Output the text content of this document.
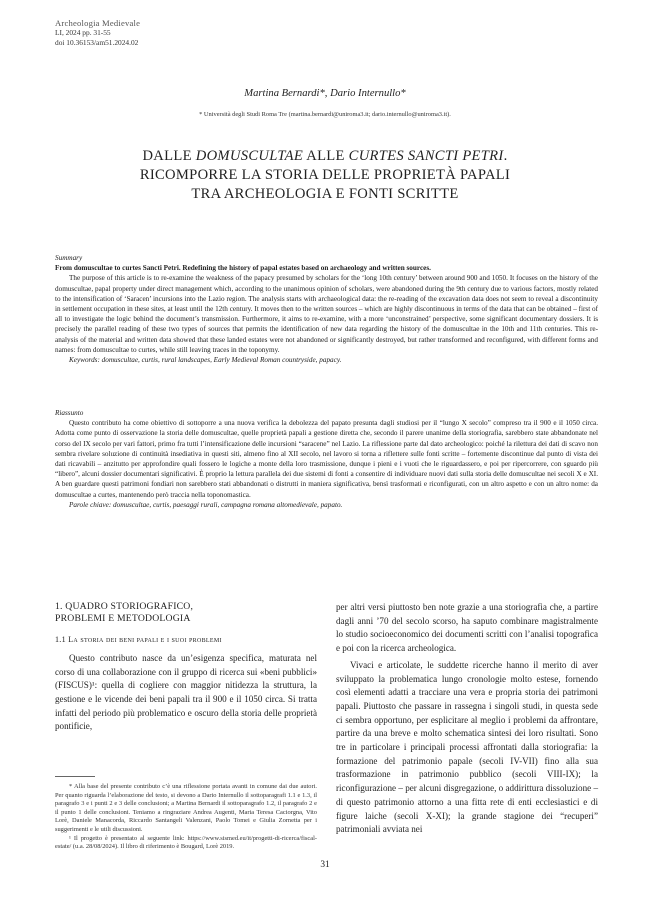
Archeologia Medievale
LI, 2024 pp. 31-55
doi 10.36153/am51.2024.02
Martina Bernardi*, Dario Internullo*
* Università degli Studi Roma Tre (martina.bernardi@uniroma3.it; dario.internullo@uniroma3.it).
DALLE DOMUSCULTAE ALLE CURTES SANCTI PETRI.
RICOMPORRE LA STORIA DELLE PROPRIETÀ PAPALI
TRA ARCHEOLOGIA E FONTI SCRITTE
Summary
From domuscultae to curtes Sancti Petri. Redefining the history of papal estates based on archaeology and written sources.
The purpose of this article is to re-examine the weakness of the papacy presumed by scholars for the ‘long 10th century’ between around 900 and 1050. It focuses on the history of the domuscultae, papal property under direct management which, according to the unanimous opinion of scholars, were abandoned during the 9th century due to various factors, mostly related to the intensification of ‘Saracen’ incursions into the Lazio region. The analysis starts with archaeological data: the re-reading of the excavation data does not seem to reveal a discontinuity in settlement occupation in these sites, at least until the 12th century. It moves then to the written sources – which are highly discontinuous in terms of the data that can be obtained – first of all to investigate the logic behind the document’s transmission. Furthermore, it aims to re-examine, with a more ‘unconstrained’ perspective, some significant documentary dossiers. It is precisely the parallel reading of these two types of sources that permits the identification of new data regarding the history of the domuscultae in the 10th and 11th centuries. This re-analysis of the material and written data showed that these landed estates were not abandoned or significantly destroyed, but rather transformed and reconfigured, with different forms and names: from domuscultae to curtes, while still leaving traces in the toponymy.
Keywords: domuscultae, curtis, rural landscapes, Early Medieval Roman countryside, papacy.
Riassunto
Questo contributo ha come obiettivo di sottoporre a una nuova verifica la debolezza del papato presunta dagli studiosi per il “lungo X secolo” compreso tra il 900 e il 1050 circa. Adotta come punto di osservazione la storia delle domuscultae, quelle proprietà papali a gestione diretta che, secondo il parere unanime della storiografia, sarebbero state abbandonate nel corso del IX secolo per vari fattori, primo fra tutti l’intensificazione delle incursioni “saracene” nel Lazio. La riflessione parte dal dato archeologico: poiché la rilettura dei dati di scavo non sembra rivelare soluzione di continuità insediativa in questi siti, almeno fino al XII secolo, nel lavoro si torna a riflettere sulle fonti scritte – fortemente discontinue dal punto di vista dei dati ricavabili – anzitutto per approfondire quali fossero le logiche a monte della loro trasmissione, dunque i pieni e i vuoti che le riguardassero, e poi per ripercorrere, con sguardo più “libero”, alcuni dossier documentari significativi. È proprio la lettura parallela dei due sistemi di fonti a consentire di individuare nuovi dati sulla storia delle domuscultae nei secoli X e XI. A ben guardare questi patrimoni fondiari non sarebbero stati abbandonati o distrutti in maniera significativa, bensì trasformati e riconfigurati, con un altro aspetto e con un altro nome: da domuscultae a curtes, mantenendo però traccia nella toponomastica.
Parole chiave: domuscultae, curtis, paesaggi rurali, campagna romana altomedievale, papato.
1. QUADRO STORIOGRAFICO,
PROBLEMI E METODOLOGIA
1.1 La storia dei beni papali e i suoi problemi

Questo contributo nasce da un’esigenza specifica, maturata nel corso di una collaborazione con il gruppo di ricerca sui «beni pubblici» (FISCUS)¹: quella di cogliere con maggior nitidezza la struttura, la gestione e le vicende dei beni papali tra il 900 e il 1050 circa. Si tratta infatti del periodo più problematico e oscuro della storia delle proprietà pontificie,

* Alla base del presente contributo c’è una riflessione portata avanti in comune dai due autori. Per quanto riguarda l’elaborazione del testo, si devono a Dario Internullo il sottoparagrafi 1.1 e 1.3, il paragrafo 3 e i punti 2 e 3 delle conclusioni; a Martina Bernardi il sottoparagrafo 1.2, il paragrafo 2 e il punto 1 delle conclusioni. Teniamo a ringraziare Andrea Augenti, Maria Teresa Caciorgna, Vito Lorè, Daniele Manacorda, Riccardo Santangeli Valenzani, Paolo Tomei e Giulia Zornetta per i suggerimenti e le utili discussioni.
¹ Il progetto è presentato al seguente link: https://www.sismed.eu/it/progetti-di-ricerca/fiscal-estate/ (u.a. 28/08/2024). Il libro di riferimento è Bougard, Lorè 2019.

per altri versi piuttosto ben note grazie a una storiografia che, a partire dagli anni ’70 del secolo scorso, ha saputo combinare magistralmente lo studio socioeconomico dei documenti scritti con l’analisi topografica e poi con la ricerca archeologica.

Vivaci e articolate, le suddette ricerche hanno il merito di aver sviluppato la problematica lungo cronologie molto estese, fornendo così elementi adatti a tracciare una vera e propria storia dei patrimoni papali. Piuttosto che passare in rassegna i singoli studi, in questa sede ci sembra opportuno, per esplicitare al meglio i problemi da affrontare, partire da una breve e molto schematica sintesi dei loro risultati. Sono tre in particolare i principali processi affrontati dalla storiografia: la formazione del patrimonio papale (secoli IV-VII) fino alla sua trasformazione in patrimonio pubblico (secoli VIII-IX); la riconfigurazione – per alcuni disgregazione, o addirittura dissoluzione – di questo patrimonio attorno a una fitta rete di enti ecclesiastici e di figure laiche (secoli X-XI); la grande stagione dei “recuperi” patrimoniali avviata nei

31
